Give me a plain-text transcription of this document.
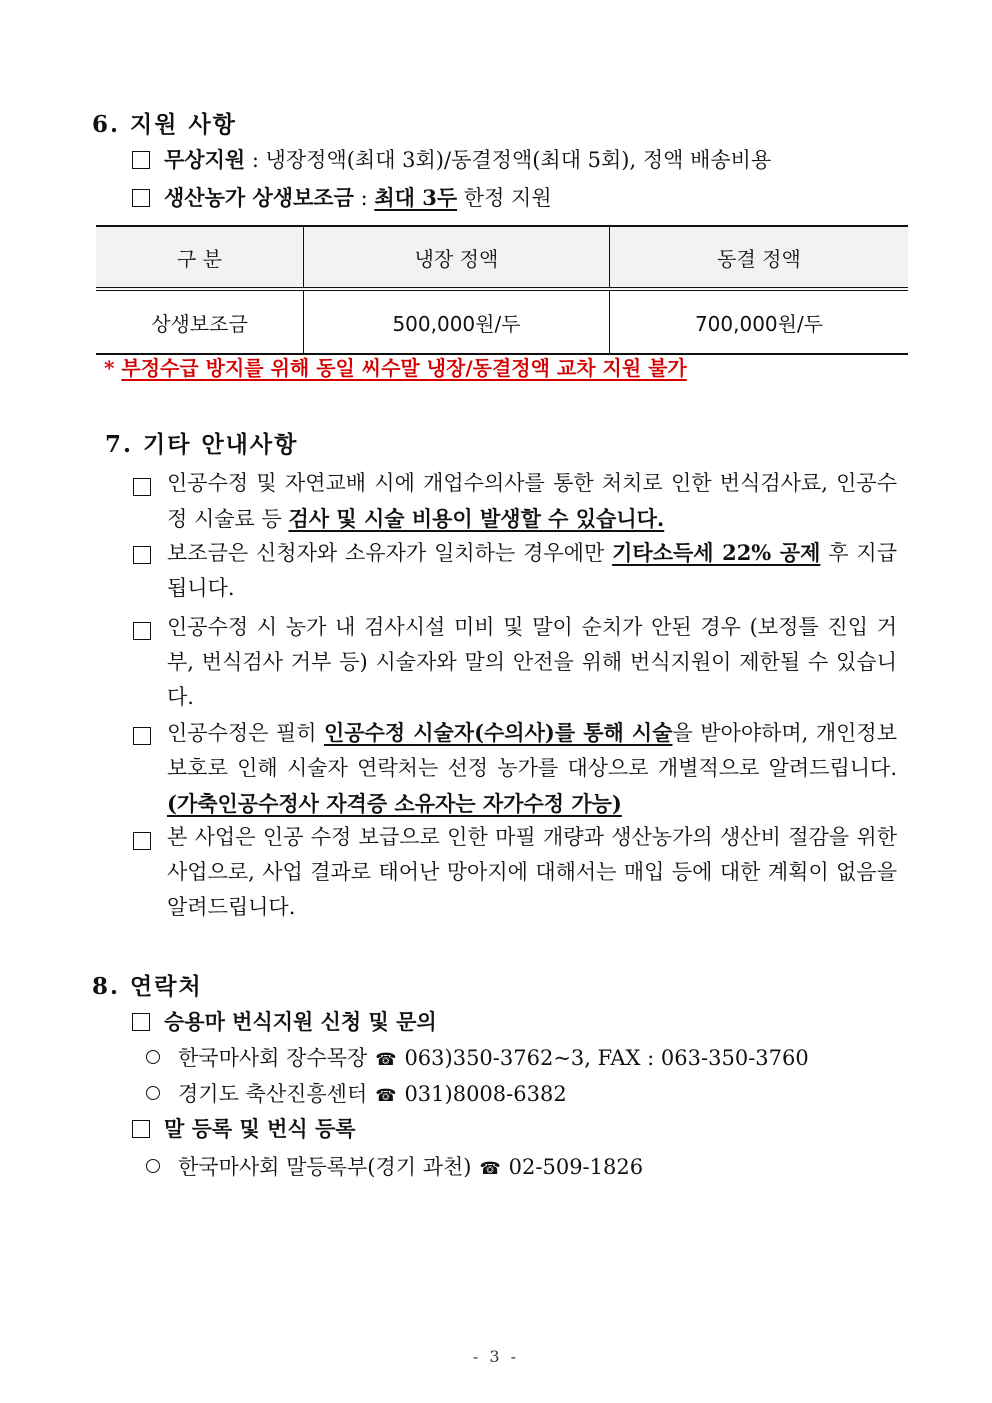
6. 지원 사항
무상지원 : 냉장정액(최대 3회)/동결정액(최대 5회), 정액 배송비용
생산농가 상생보조금 : 최대 3두 한정 지원
구 분	냉장 정액	동결 정액
상생보조금	500,000원/두	700,000원/두
* 부정수급 방지를 위해 동일 씨수말 냉장/동결정액 교차 지원 불가
7. 기타 안내사항
인공수정 및 자연교배 시에 개업수의사를 통한 처치로 인한 번식검사료, 인공수정 시술료 등 검사 및 시술 비용이 발생할 수 있습니다.
보조금은 신청자와 소유자가 일치하는 경우에만 기타소득세 22% 공제 후 지급됩니다.
인공수정 시 농가 내 검사시설 미비 및 말이 순치가 안된 경우 (보정틀 진입 거부, 번식검사 거부 등) 시술자와 말의 안전을 위해 번식지원이 제한될 수 있습니다.
인공수정은 필히 인공수정 시술자(수의사)를 통해 시술을 받아야하며, 개인정보 보호로 인해 시술자 연락처는 선정 농가를 대상으로 개별적으로 알려드립니다.(가축인공수정사 자격증 소유자는 자가수정 가능)
본 사업은 인공 수정 보급으로 인한 마필 개량과 생산농가의 생산비 절감을 위한 사업으로, 사업 결과로 태어난 망아지에 대해서는 매입 등에 대한 계획이 없음을 알려드립니다.
8. 연락처
승용마 번식지원 신청 및 문의
한국마사회 장수목장 ☎ 063)350-3762~3, FAX : 063-350-3760
경기도 축산진흥센터 ☎ 031)8008-6382
말 등록 및 번식 등록
한국마사회 말등록부(경기 과천) ☎ 02-509-1826
- 3 -
